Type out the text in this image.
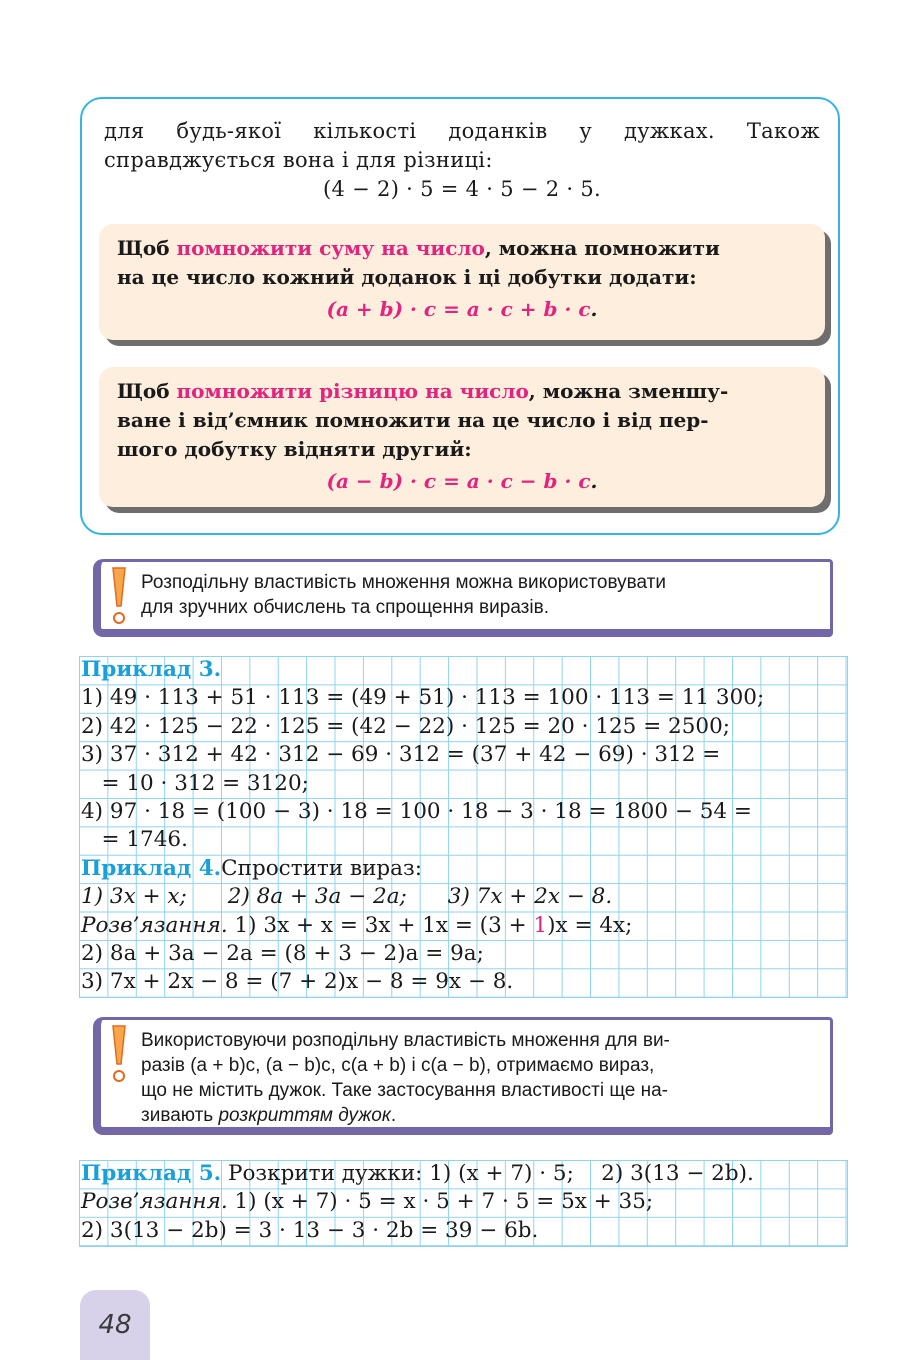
для будь-якої кількості доданків у дужках. Також
справджується вона і для різниці:
(4 − 2) · 5 = 4 · 5 − 2 · 5.
Щоб помножити суму на число, можна помножити
на це число кожний доданок і ці добутки додати:
(a + b) · c = a · c + b · c.
Щоб помножити різницю на число, можна зменшу-
ване і від’ємник помножити на це число і від пер-
шого добутку відняти другий:
(a − b) · c = a · c − b · c.
Розподільну властивість множення можна використовувати
для зручних обчислень та спрощення виразів.
Приклад 3.
1) 49 · 113 + 51 · 113 = (49 + 51) · 113 = 100 · 113 = 11 300;
2) 42 · 125 − 22 · 125 = (42 − 22) · 125 = 20 · 125 = 2500;
3) 37 · 312 + 42 · 312 − 69 · 312 = (37 + 42 − 69) · 312 =
= 10 · 312 = 3120;
4) 97 · 18 = (100 − 3) · 18 = 100 · 18 − 3 · 18 = 1800 − 54 =
= 1746.
Приклад 4. Спростити вираз:
1) 3x + x;      2) 8a + 3a − 2a;      3) 7x + 2x − 8.
Розв’язання. 1) 3x + x = 3x + 1x = (3 + 1 )x = 4x;
2) 8a + 3a − 2a = (8 + 3 − 2)a = 9a;
3) 7x + 2x − 8 = (7 + 2)x − 8 = 9x − 8.
Використовуючи розподільну властивість множення для ви-
разів (a + b)c, (a − b)c, c(a + b) і c(a − b), отримаємо вираз,
що не містить дужок. Таке застосування властивості ще на-
зивають розкриттям дужок.
Приклад 5. Розкрити дужки: 1) (x + 7) · 5;    2) 3(13 − 2b).
Розв’язання. 1) (x + 7) · 5 = x · 5 + 7 · 5 = 5x + 35;
2) 3(13 − 2b) = 3 · 13 − 3 · 2b = 39 − 6b.
48
